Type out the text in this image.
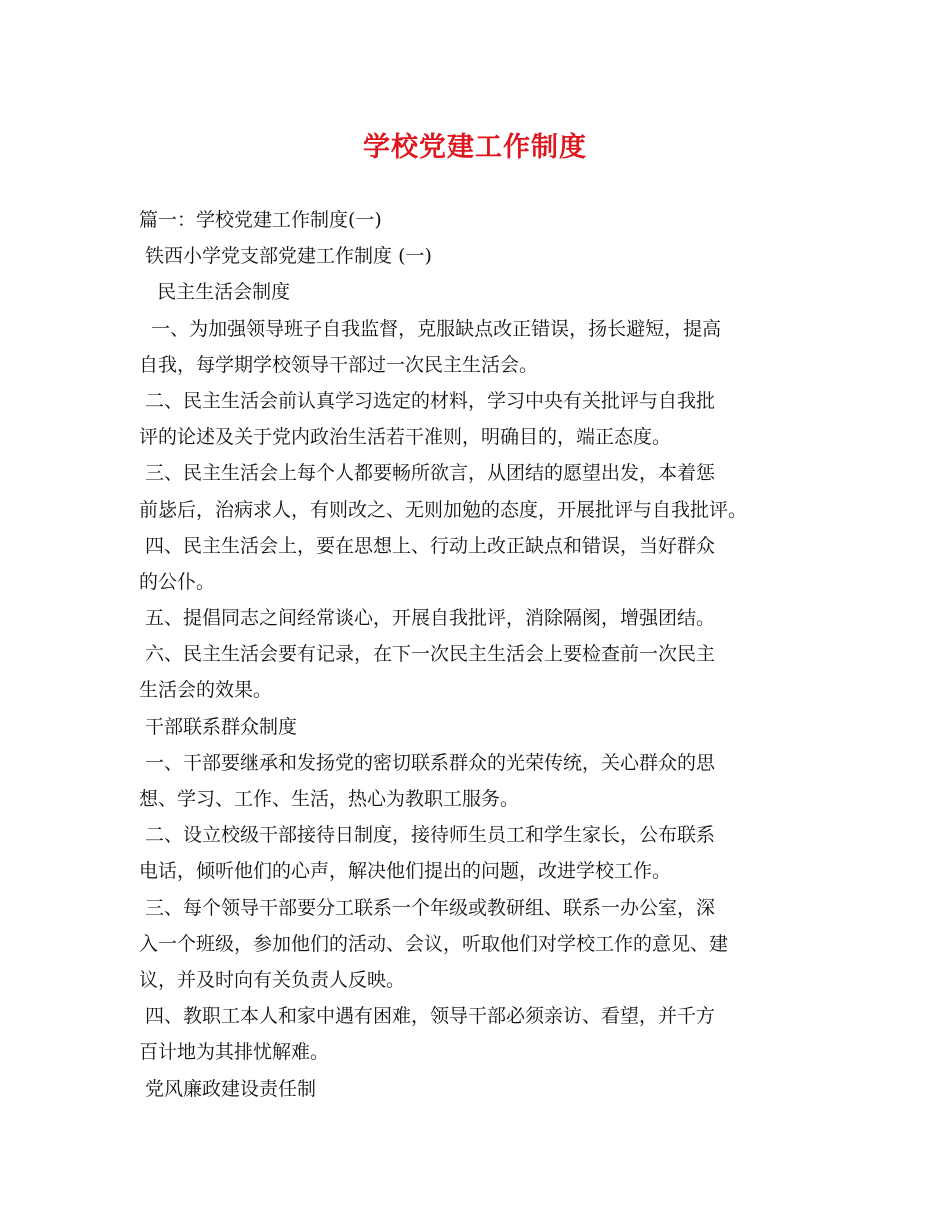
学校党建工作制度

篇一：学校党建工作制度(一)

铁西小学党支部党建工作制度 (一)

民主生活会制度

一、为加强领导班子自我监督，克服缺点改正错误，扬长避短，提高

自我，每学期学校领导干部过一次民主生活会。

二、民主生活会前认真学习选定的材料，学习中央有关批评与自我批

评的论述及关于党内政治生活若干准则，明确目的，端正态度。

三、民主生活会上每个人都要畅所欲言，从团结的愿望出发，本着惩

前毖后，治病求人，有则改之、无则加勉的态度，开展批评与自我批评。

四、民主生活会上，要在思想上、行动上改正缺点和错误，当好群众

的公仆。

五、提倡同志之间经常谈心，开展自我批评，消除隔阂，增强团结。

六、民主生活会要有记录，在下一次民主生活会上要检查前一次民主

生活会的效果。

干部联系群众制度

一、干部要继承和发扬党的密切联系群众的光荣传统，关心群众的思

想、学习、工作、生活，热心为教职工服务。

二、设立校级干部接待日制度，接待师生员工和学生家长，公布联系

电话，倾听他们的心声，解决他们提出的问题，改进学校工作。

三、每个领导干部要分工联系一个年级或教研组、联系一办公室，深

入一个班级，参加他们的活动、会议，听取他们对学校工作的意见、建

议，并及时向有关负责人反映。

四、教职工本人和家中遇有困难，领导干部必须亲访、看望，并千方

百计地为其排忧解难。

党风廉政建设责任制
